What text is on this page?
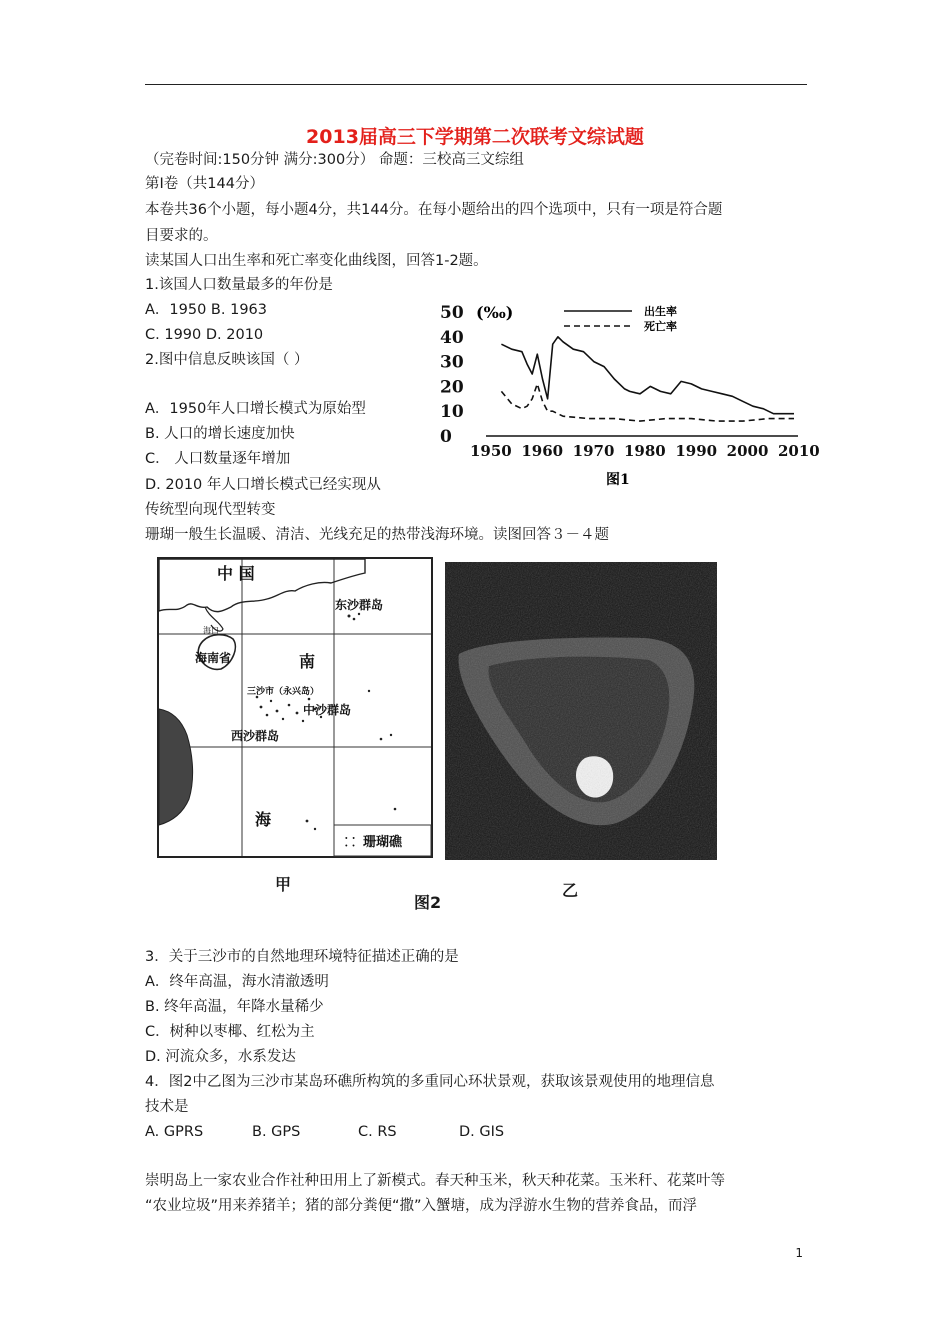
2013届高三下学期第二次联考文综试题
（完卷时间:150分钟 满分:300分） 命题：三校高三文综组
第Ⅰ卷（共144分）
本卷共36个小题，每小题4分，共144分。在每小题给出的四个选项中，只有一项是符合题
目要求的。
读某国人口出生率和死亡率变化曲线图，回答1-2题。
1.该国人口数量最多的年份是
A．1950 B. 1963
C. 1990 D. 2010
2.图中信息反映该国（ ）
A．1950年人口增长模式为原始型
B. 人口的增长速度加快
C． 人口数量逐年增加
D. 2010 年人口增长模式已经实现从
传统型向现代型转变
珊瑚一般生长温暖、清洁、光线充足的热带浅海环境。读图回答３－４题
0
10
20
30
40
50
1950 1960 1970 1980 1990 2000 2010
(‰)	出生率
死亡率
图1
中 国
东沙群岛
海口
海南省	南
三沙市（永兴岛）
中沙群岛
西沙群岛
海
⸬ 珊瑚礁
甲
图2
乙
3．关于三沙市的自然地理环境特征描述正确的是
A．终年高温，海水清澈透明
B. 终年高温，年降水量稀少
C．树种以枣椰、红松为主
D. 河流众多，水系发达
4．图2中乙图为三沙市某岛环礁所构筑的多重同心环状景观，获取该景观使用的地理信息
技术是
A. GPRS	B. GPS	C. RS	D. GIS
崇明岛上一家农业合作社种田用上了新模式。春天种玉米，秋天种花菜。玉米秆、花菜叶等
“农业垃圾”用来养猪羊；猪的部分粪便“撒”入蟹塘，成为浮游水生物的营养食品，而浮
1
